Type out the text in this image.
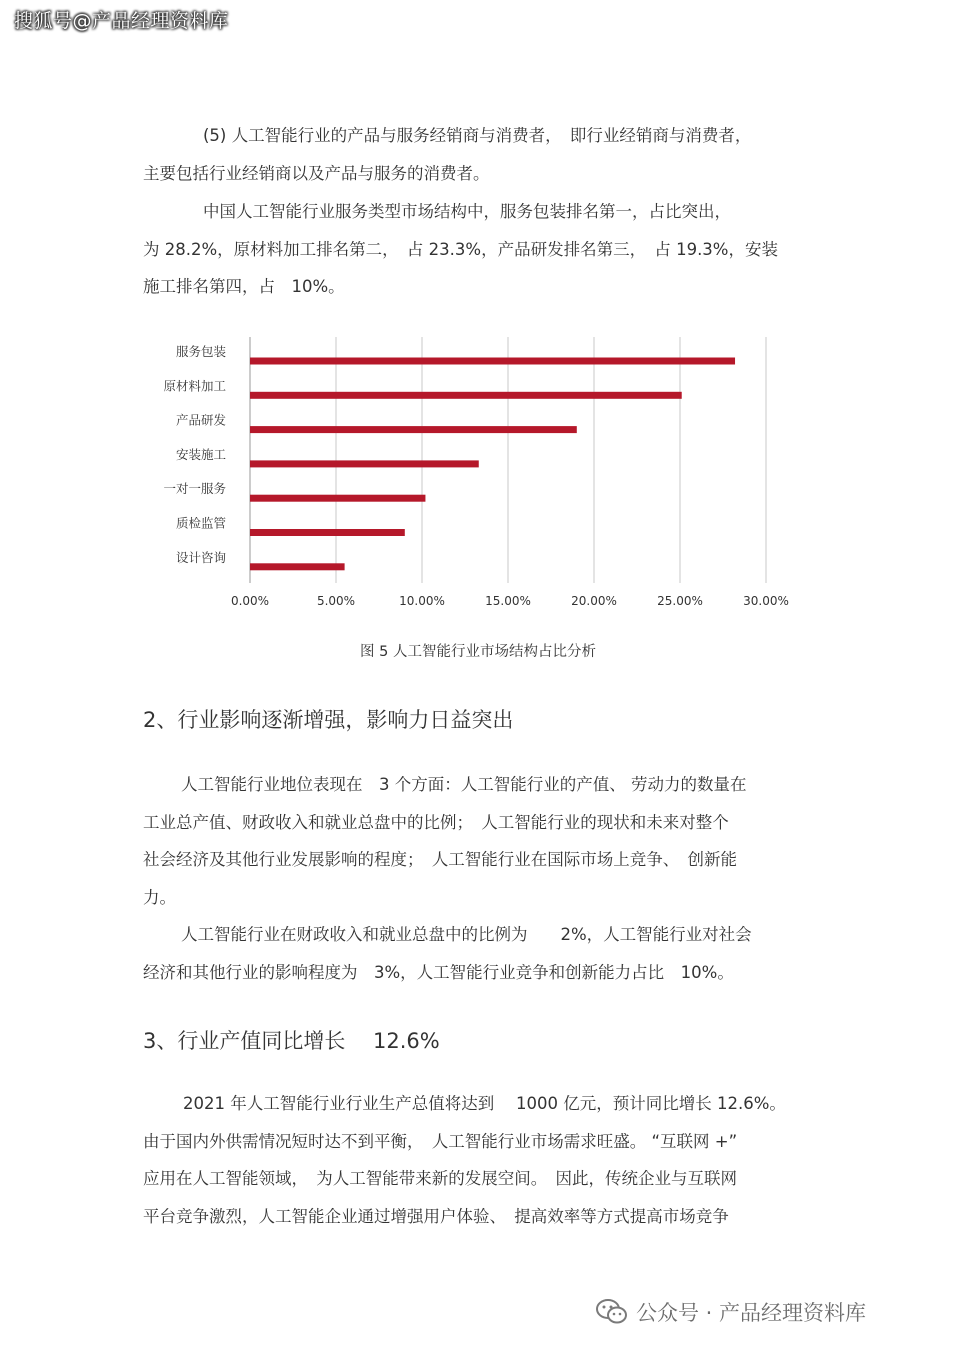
搜狐号@产品经理资料库

(5) 人工智能行业的产品与服务经销商与消费者，　即行业经销商与消费者，

主要包括行业经销商以及产品与服务的消费者。

中国人工智能行业服务类型市场结构中，服务包装排名第一，占比突出，

为 28.2%，原材料加工排名第二，　占 23.3%，产品研发排名第三，　占 19.3%，安装

施工排名第四，占　10%。

0.00%	5.00%	10.00%	15.00%	20.00%	25.00%	30.00%
服务包装
原材料加工
产品研发
安装施工
一对一服务
质检监管
设计咨询
图 5 人工智能行业市场结构占比分析
2、行业影响逐渐增强，影响力日益突出

人工智能行业地位表现在　3 个方面：人工智能行业的产值、 劳动力的数量在

工业总产值、财政收入和就业总盘中的比例；　人工智能行业的现状和未来对整个

社会经济及其他行业发展影响的程度；　人工智能行业在国际市场上竞争、　创新能

力。

人工智能行业在财政收入和就业总盘中的比例为　　2%，人工智能行业对社会

经济和其他行业的影响程度为　3%，人工智能行业竞争和创新能力占比　10%。

3、行业产值同比增长　 12.6%

2021 年人工智能行业行业生产总值将达到　 1000 亿元，预计同比增长 12.6%。

由于国内外供需情况短时达不到平衡，　人工智能行业市场需求旺盛。 “互联网 +”

应用在人工智能领域，　为人工智能带来新的发展空间。　因此，传统企业与互联网

平台竞争激烈，人工智能企业通过增强用户体验、　提高效率等方式提高市场竞争

公众号 · 产品经理资料库
